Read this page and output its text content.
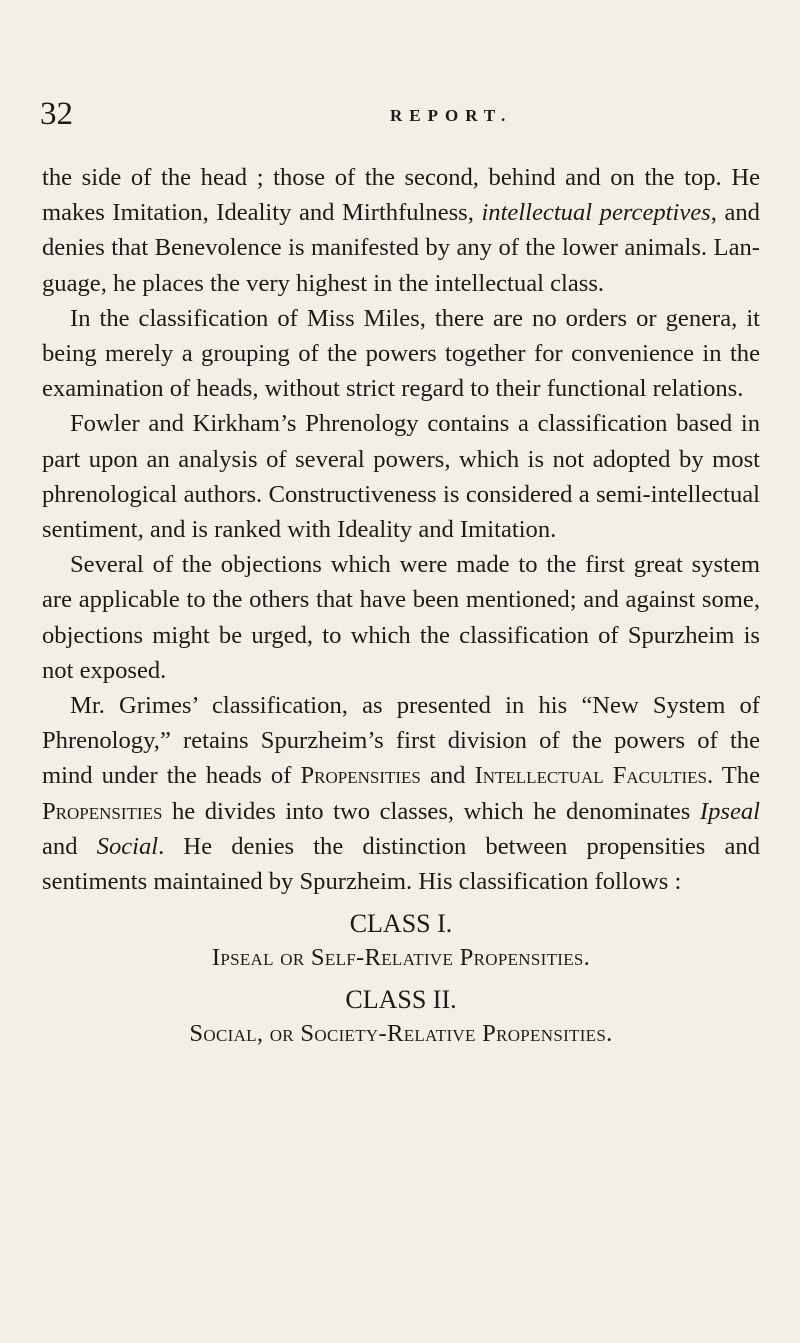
32	REPORT.

the side of the head ; those of the second, behind and on the top. He makes Imitation, Ideality and Mirthfulness, intellectual perceptives, and denies that Benevolence is manifested by any of the lower animals. Language, he places the very highest in the intellectual class.

In the classification of Miss Miles, there are no orders or genera, it being merely a grouping of the powers together for convenience in the examination of heads, without strict regard to their functional relations.

Fowler and Kirkham’s Phrenology contains a classification based in part upon an analysis of several powers, which is not adopted by most phrenological authors. Constructiveness is considered a semi-intellectual sentiment, and is ranked with Ideality and Imitation.

Several of the objections which were made to the first great system are applicable to the others that have been mentioned; and against some, objections might be urged, to which the classification of Spurzheim is not exposed.

Mr. Grimes’ classification, as presented in his “New System of Phrenology,” retains Spurzheim’s first division of the powers of the mind under the heads of Propensities and Intellectual Faculties. The Propensities he divides into two classes, which he denominates Ipseal and Social. He denies the distinction between propensities and sentiments maintained by Spurzheim. His classification follows :

CLASS I.
Ipseal or Self-Relative Propensities.
CLASS II.
Social, or Society-Relative Propensities.
